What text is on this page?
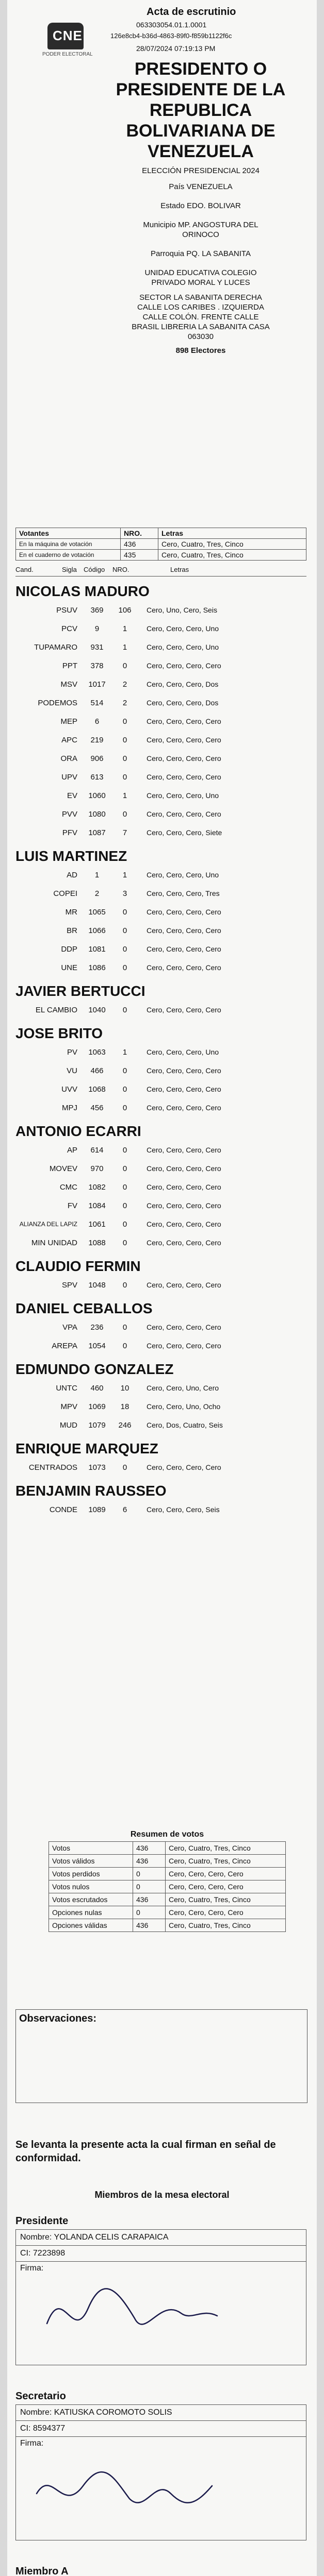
CNE
PODER ELECTORAL
Acta de escrutinio
063303054.01.1.0001
126e8cb4-b36d-4863-89f0-f859b1122f6c
28/07/2024 07:19:13 PM
PRESIDENTO O
PRESIDENTE DE LA
REPUBLICA
BOLIVARIANA DE
VENEZUELA
ELECCIÓN PRESIDENCIAL 2024
País VENEZUELA
Estado EDO. BOLIVAR
Municipio MP. ANGOSTURA DEL
ORINOCO
Parroquia PQ. LA SABANITA
UNIDAD EDUCATIVA COLEGIO
PRIVADO MORAL Y LUCES
SECTOR LA SABANITA DERECHA
CALLE LOS CARIBES . IZQUIERDA
CALLE COLÓN. FRENTE CALLE
BRASIL LIBRERIA LA SABANITA CASA
063030
898 Electores
Votantes	NRO.	Letras
En la máquina de votación	436	Cero, Cuatro, Tres, Cinco
En el cuaderno de votación	435	Cero, Cuatro, Tres, Cinco
Cand.	Sigla Código NRO.	Letras
NICOLAS MADURO
PSUV	369	106	Cero, Uno, Cero, Seis
PCV	9	1	Cero, Cero, Cero, Uno
TUPAMARO	931	1	Cero, Cero, Cero, Uno
PPT	378	0	Cero, Cero, Cero, Cero
MSV	1017	2	Cero, Cero, Cero, Dos
PODEMOS	514	2	Cero, Cero, Cero, Dos
MEP	6	0	Cero, Cero, Cero, Cero
APC	219	0	Cero, Cero, Cero, Cero
ORA	906	0	Cero, Cero, Cero, Cero
UPV	613	0	Cero, Cero, Cero, Cero
EV	1060	1	Cero, Cero, Cero, Uno
PVV	1080	0	Cero, Cero, Cero, Cero
PFV	1087	7	Cero, Cero, Cero, Siete
LUIS MARTINEZ
AD	1	1	Cero, Cero, Cero, Uno
COPEI	2	3	Cero, Cero, Cero, Tres
MR	1065	0	Cero, Cero, Cero, Cero
BR	1066	0	Cero, Cero, Cero, Cero
DDP	1081	0	Cero, Cero, Cero, Cero
UNE	1086	0	Cero, Cero, Cero, Cero
JAVIER BERTUCCI
EL CAMBIO	1040	0	Cero, Cero, Cero, Cero
JOSE BRITO
PV	1063	1	Cero, Cero, Cero, Uno
VU	466	0	Cero, Cero, Cero, Cero
UVV	1068	0	Cero, Cero, Cero, Cero
MPJ	456	0	Cero, Cero, Cero, Cero
ANTONIO ECARRI
AP	614	0	Cero, Cero, Cero, Cero
MOVEV	970	0	Cero, Cero, Cero, Cero
CMC	1082	0	Cero, Cero, Cero, Cero
FV	1084	0	Cero, Cero, Cero, Cero
ALIANZA DEL LAPIZ	1061	0	Cero, Cero, Cero, Cero
MIN UNIDAD	1088	0	Cero, Cero, Cero, Cero
CLAUDIO FERMIN
SPV	1048	0	Cero, Cero, Cero, Cero
DANIEL CEBALLOS
VPA	236	0	Cero, Cero, Cero, Cero
AREPA	1054	0	Cero, Cero, Cero, Cero
EDMUNDO GONZALEZ
UNTC	460	10	Cero, Cero, Uno, Cero
MPV	1069	18	Cero, Cero, Uno, Ocho
MUD	1079	246	Cero, Dos, Cuatro, Seis
ENRIQUE MARQUEZ
CENTRADOS	1073	0	Cero, Cero, Cero, Cero
BENJAMIN RAUSSEO
CONDE	1089	6	Cero, Cero, Cero, Seis
Resumen de votos
Votos	436	Cero, Cuatro, Tres, Cinco
Votos válidos	436	Cero, Cuatro, Tres, Cinco
Votos perdidos	0	Cero, Cero, Cero, Cero
Votos nulos	0	Cero, Cero, Cero, Cero
Votos escrutados	436	Cero, Cuatro, Tres, Cinco
Opciones nulas	0	Cero, Cero, Cero, Cero
Opciones válidas	436	Cero, Cuatro, Tres, Cinco
Observaciones:
Se levanta la presente acta la cual firman en señal de conformidad.
Miembros de la mesa electoral
Presidente
Nombre: YOLANDA CELIS CARAPAICA
CI: 7223898
Firma:
Secretario
Nombre: KATIUSKA COROMOTO SOLIS
CI: 8594377
Firma:
Miembro A
